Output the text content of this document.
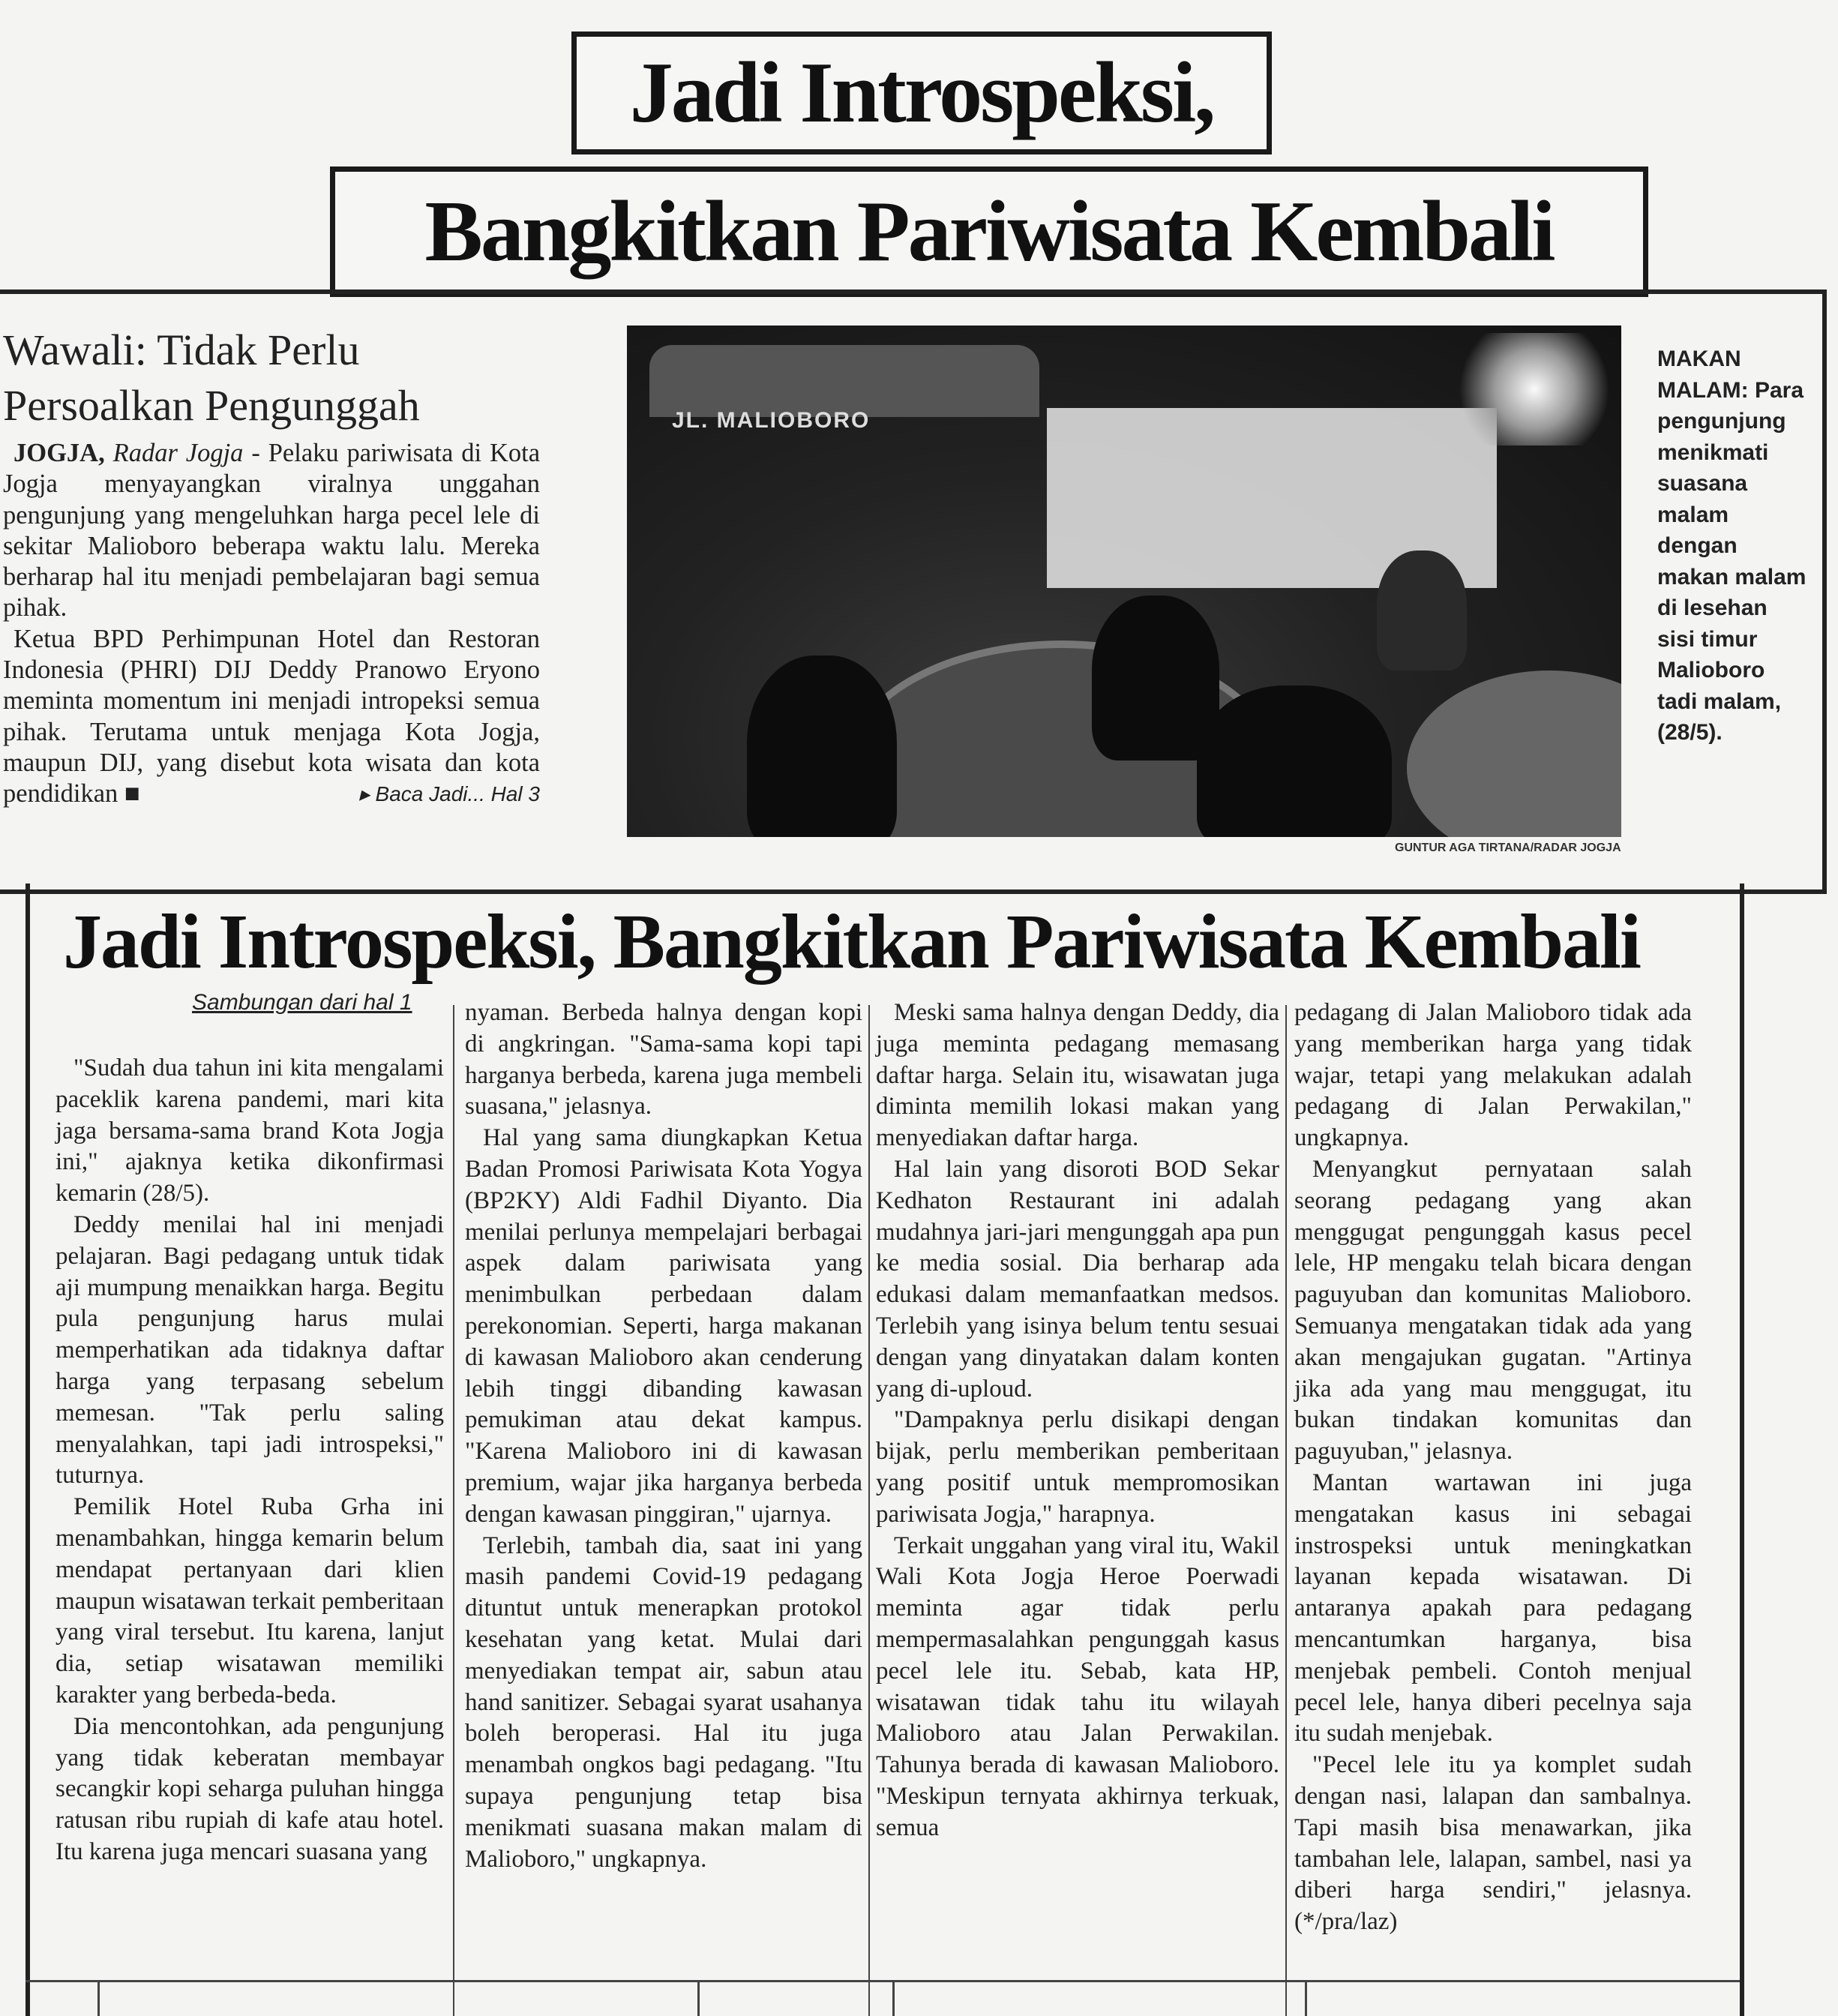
Jadi Introspeksi,
Bangkitkan Pariwisata Kembali
Wawali: Tidak Perlu Persoalkan Pengunggah

JOGJA, Radar Jogja - Pelaku pariwisata di Kota Jogja menyayangkan viralnya unggahan pengunjung yang mengeluhkan harga pecel lele di sekitar Malioboro beberapa waktu lalu. Mereka berharap hal itu menjadi pembelajaran bagi semua pihak.

Ketua BPD Perhimpunan Hotel dan Restoran Indonesia (PHRI) DIJ Deddy Pranowo Eryono meminta momentum ini menjadi intropeksi semua pihak. Terutama untuk menjaga Kota Jogja, maupun DIJ, yang disebut kota wisata dan kota pendidikan ■	▸ Baca Jadi... Hal 3

JL. MALIOBORO
GUNTUR AGA TIRTANA/RADAR JOGJA
MAKAN MALAM: Para pengunjung menikmati suasana malam dengan makan malam di lesehan sisi timur Malioboro tadi malam, (28/5).
Jadi Introspeksi, Bangkitkan Pariwisata Kembali
Sambungan dari hal 1

"Sudah dua tahun ini kita mengalami paceklik karena pandemi, mari kita jaga bersama-sama brand Kota Jogja ini," ajaknya ketika dikonfirmasi kemarin (28/5).

Deddy menilai hal ini menjadi pelajaran. Bagi pedagang untuk tidak aji mumpung menaikkan harga. Begitu pula pengunjung harus mulai memperhatikan ada tidaknya daftar harga yang terpasang sebelum memesan. "Tak perlu saling menyalahkan, tapi jadi introspeksi," tuturnya.

Pemilik Hotel Ruba Grha ini menambahkan, hingga kemarin belum mendapat pertanyaan dari klien maupun wisatawan terkait pemberitaan yang viral tersebut. Itu karena, lanjut dia, setiap wisatawan memiliki karakter yang berbeda-beda.

Dia mencontohkan, ada pengunjung yang tidak keberatan membayar secangkir kopi seharga puluhan hingga ratusan ribu rupiah di kafe atau hotel. Itu karena juga mencari suasana yang

nyaman. Berbeda halnya dengan kopi di angkringan. "Sama-sama kopi tapi harganya berbeda, karena juga membeli suasana," jelasnya.

Hal yang sama diungkapkan Ketua Badan Promosi Pariwisata Kota Yogya (BP2KY) Aldi Fadhil Diyanto. Dia menilai perlunya mempelajari berbagai aspek dalam pariwisata yang menimbulkan perbedaan dalam perekonomian. Seperti, harga makanan di kawasan Malioboro akan cenderung lebih tinggi dibanding kawasan pemukiman atau dekat kampus. "Karena Malioboro ini di kawasan premium, wajar jika harganya berbeda dengan kawasan pinggiran," ujarnya.

Terlebih, tambah dia, saat ini yang masih pandemi Covid-19 pedagang dituntut untuk menerapkan protokol kesehatan yang ketat. Mulai dari menyediakan tempat air, sabun atau hand sanitizer. Sebagai syarat usahanya boleh beroperasi. Hal itu juga menambah ongkos bagi pedagang. "Itu supaya pengunjung tetap bisa menikmati suasana makan malam di Malioboro," ungkapnya.

Meski sama halnya dengan Deddy, dia juga meminta pedagang memasang daftar harga. Selain itu, wisawatan juga diminta memilih lokasi makan yang menyediakan daftar harga.

Hal lain yang disoroti BOD Sekar Kedhaton Restaurant ini adalah mudahnya jari-jari mengunggah apa pun ke media sosial. Dia berharap ada edukasi dalam memanfaatkan medsos. Terlebih yang isinya belum tentu sesuai dengan yang dinyatakan dalam konten yang di-uploud.

"Dampaknya perlu disikapi dengan bijak, perlu memberikan pemberitaan yang positif untuk mempromosikan pariwisata Jogja," harapnya.

Terkait unggahan yang viral itu, Wakil Wali Kota Jogja Heroe Poerwadi meminta agar tidak perlu mempermasalahkan pengunggah kasus pecel lele itu. Sebab, kata HP, wisatawan tidak tahu itu wilayah Malioboro atau Jalan Perwakilan. Tahunya berada di kawasan Malioboro. "Meskipun ternyata akhirnya terkuak, semua

pedagang di Jalan Malioboro tidak ada yang memberikan harga yang tidak wajar, tetapi yang melakukan adalah pedagang di Jalan Perwakilan," ungkapnya.

Menyangkut pernyataan salah seorang pedagang yang akan menggugat pengunggah kasus pecel lele, HP mengaku telah bicara dengan paguyuban dan komunitas Malioboro. Semuanya mengatakan tidak ada yang akan mengajukan gugatan. "Artinya jika ada yang mau menggugat, itu bukan tindakan komunitas dan paguyuban," jelasnya.

Mantan wartawan ini juga mengatakan kasus ini sebagai instrospeksi untuk meningkatkan layanan kepada wisatawan. Di antaranya apakah para pedagang mencantumkan harganya, bisa menjebak pembeli. Contoh menjual pecel lele, hanya diberi pecelnya saja itu sudah menjebak.

"Pecel lele itu ya komplet sudah dengan nasi, lalapan dan sambalnya. Tapi masih bisa menawarkan, jika tambahan lele, lalapan, sambel, nasi ya diberi harga sendiri," jelasnya. (*/pra/laz)
